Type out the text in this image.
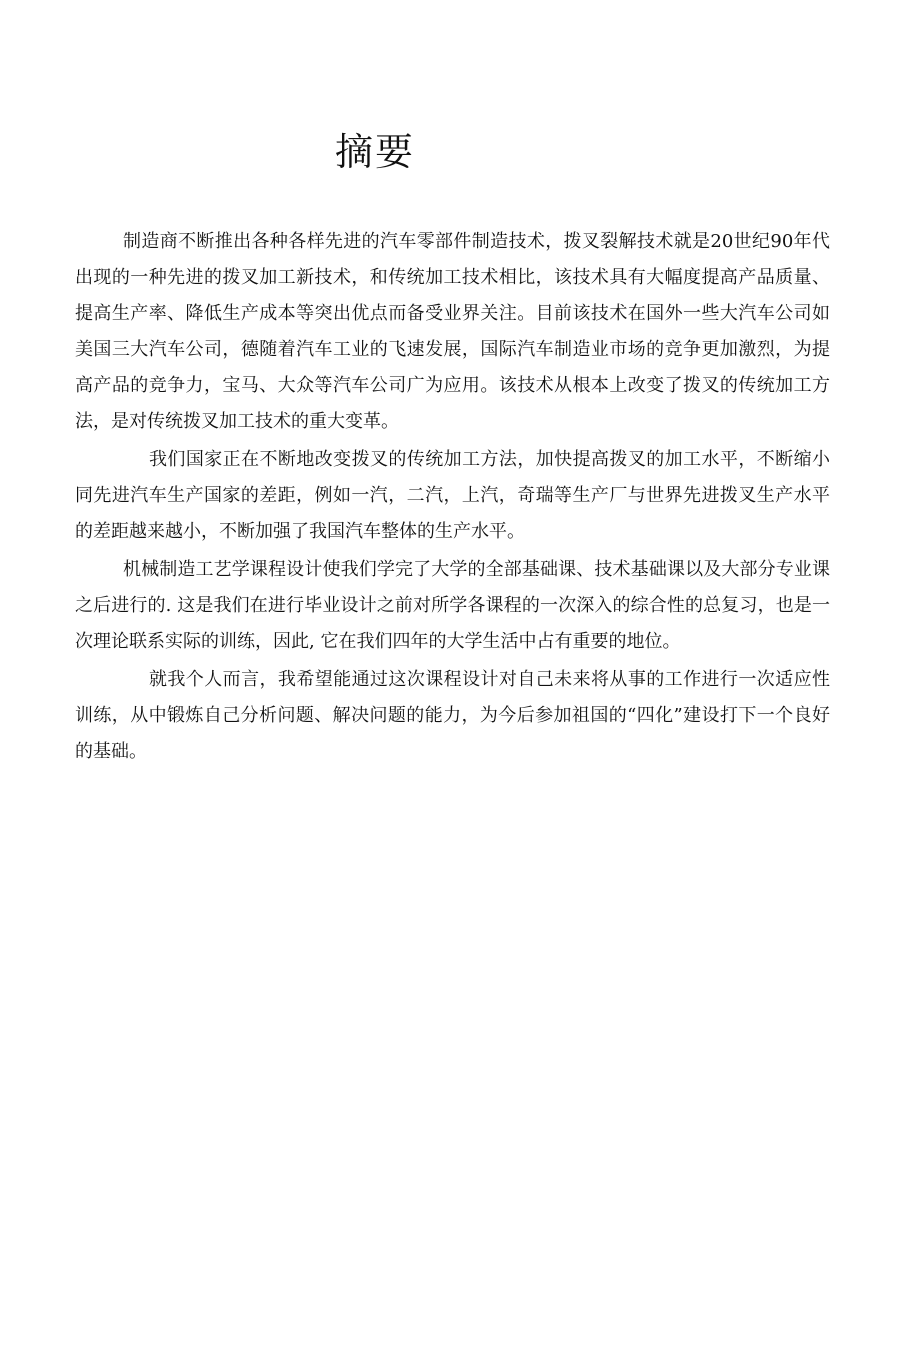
摘要

制造商不断推出各种各样先进的汽车零部件制造技术，拨叉裂解技术就是20世纪90年代出现的一种先进的拨叉加工新技术，和传统加工技术相比，该技术具有大幅度提高产品质量、提高生产率、降低生产成本等突出优点而备受业界关注。目前该技术在国外一些大汽车公司如美国三大汽车公司，德随着汽车工业的飞速发展，国际汽车制造业市场的竞争更加激烈，为提高产品的竞争力，宝马、大众等汽车公司广为应用。该技术从根本上改变了拨叉的传统加工方法，是对传统拨叉加工技术的重大变革。

我们国家正在不断地改变拨叉的传统加工方法，加快提高拨叉的加工水平，不断缩小同先进汽车生产国家的差距，例如一汽，二汽，上汽，奇瑞等生产厂与世界先进拨叉生产水平的差距越来越小，不断加强了我国汽车整体的生产水平。

机械制造工艺学课程设计使我们学完了大学的全部基础课、技术基础课以及大部分专业课之后进行的. 这是我们在进行毕业设计之前对所学各课程的一次深入的综合性的总复习，也是一次理论联系实际的训练，因此, 它在我们四年的大学生活中占有重要的地位。

就我个人而言，我希望能通过这次课程设计对自己未来将从事的工作进行一次适应性训练，从中锻炼自己分析问题、解决问题的能力，为今后参加祖国的“四化”建设打下一个良好的基础。
